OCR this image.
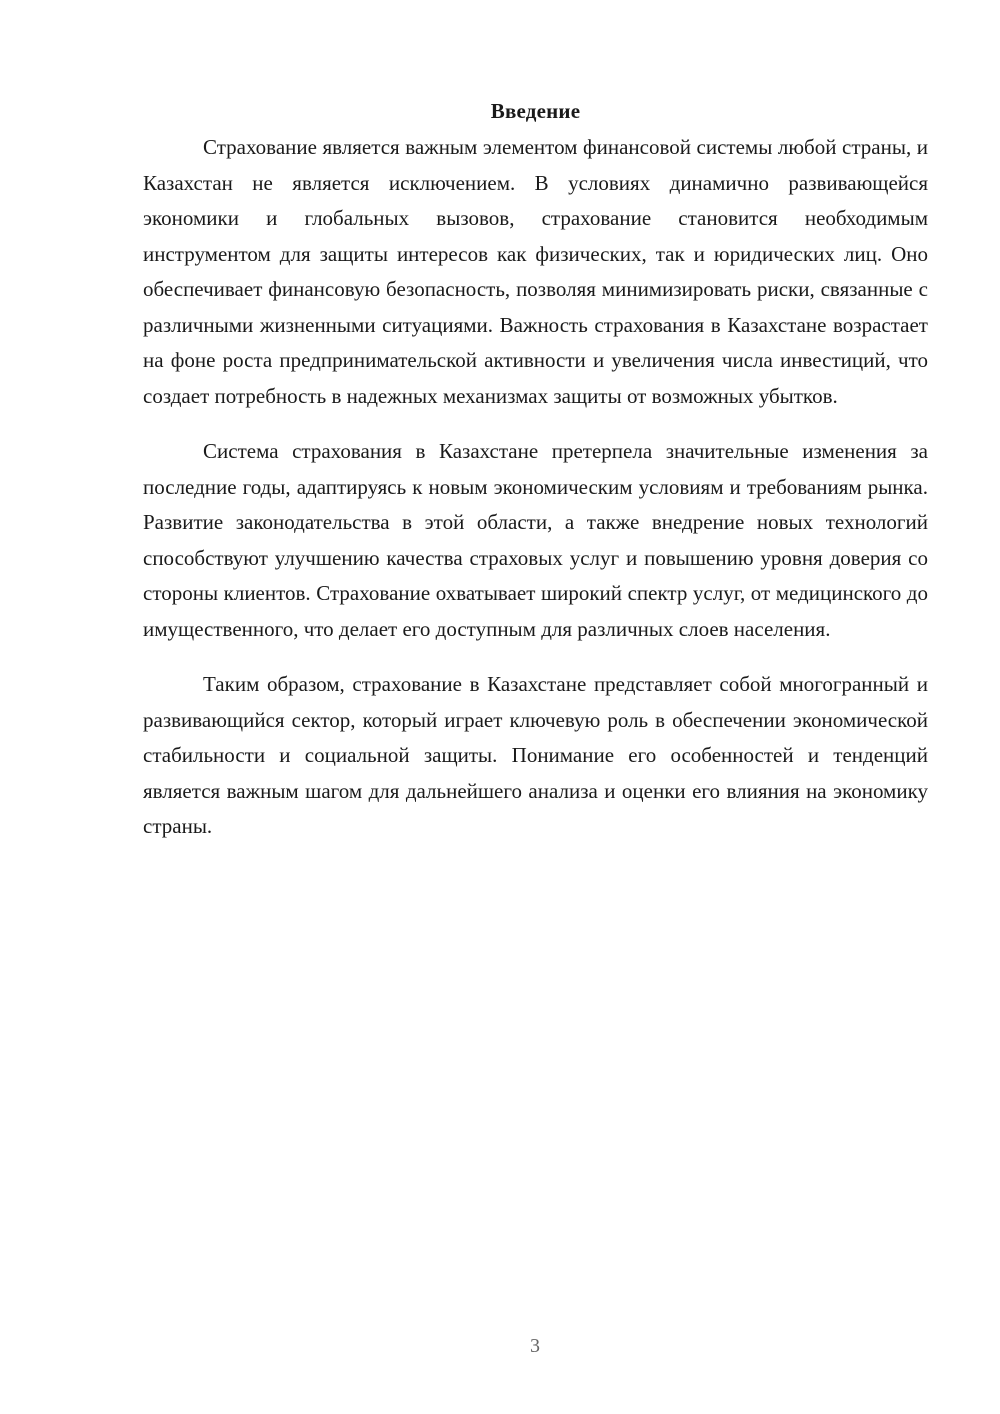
Введение

Страхование является важным элементом финансовой системы любой страны, и Казахстан не является исключением. В условиях динамично развивающейся экономики и глобальных вызовов, страхование становится необходимым инструментом для защиты интересов как физических, так и юридических лиц. Оно обеспечивает финансовую безопасность, позволяя минимизировать риски, связанные с различными жизненными ситуациями. Важность страхования в Казахстане возрастает на фоне роста предпринимательской активности и увеличения числа инвестиций, что создает потребность в надежных механизмах защиты от возможных убытков.

Система страхования в Казахстане претерпела значительные изменения за последние годы, адаптируясь к новым экономическим условиям и требованиям рынка. Развитие законодательства в этой области, а также внедрение новых технологий способствуют улучшению качества страховых услуг и повышению уровня доверия со стороны клиентов. Страхование охватывает широкий спектр услуг, от медицинского до имущественного, что делает его доступным для различных слоев населения.

Таким образом, страхование в Казахстане представляет собой многогранный и развивающийся сектор, который играет ключевую роль в обеспечении экономической стабильности и социальной защиты. Понимание его особенностей и тенденций является важным шагом для дальнейшего анализа и оценки его влияния на экономику страны.

3
